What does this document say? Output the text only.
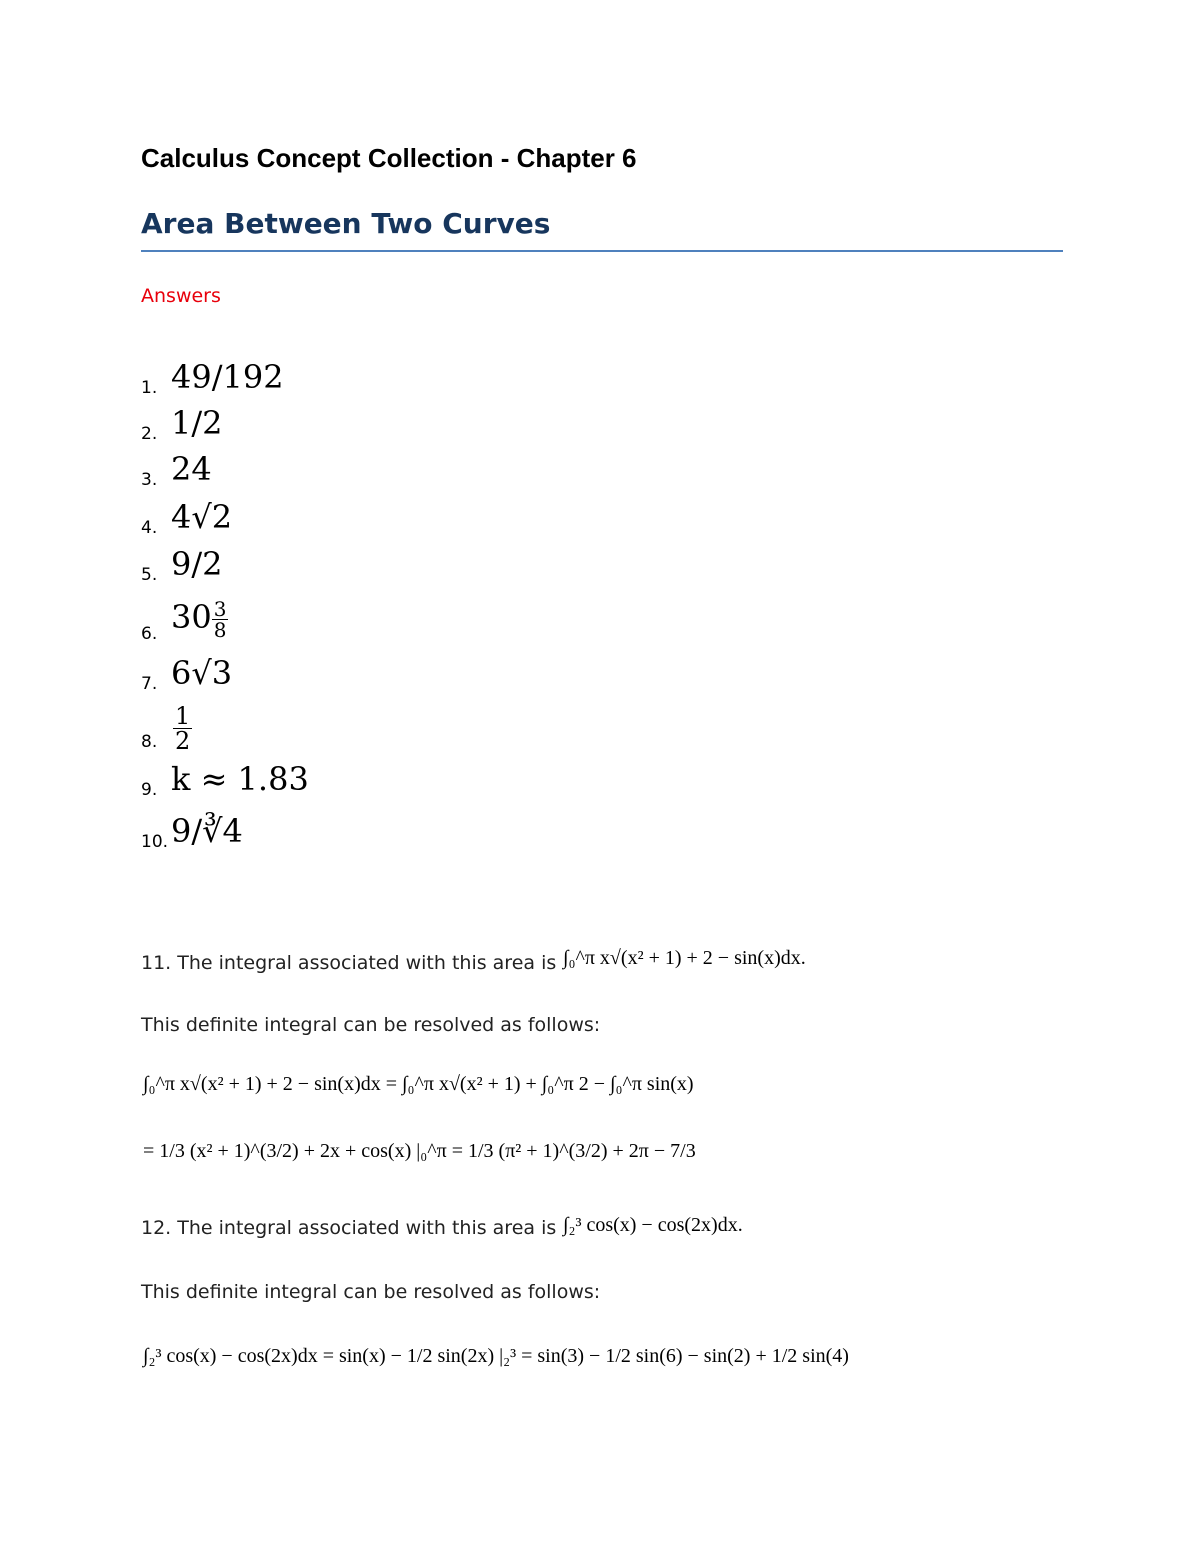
Calculus Concept Collection - Chapter 6
Area Between Two Curves
Answers
1. 49/192
2. 1/2
3. 24
4. 4√2
5. 9/2
6. $30 \frac{3}{8}$
7. 6√3
8. $\frac{1}{2}$
9. k ≈ 1.83
10. 9/∛4
11. The integral associated with this area is ∫₀^π x√(x² + 1) + 2 − sin(x)dx.
This definite integral can be resolved as follows:
∫₀^π x√(x² + 1) + 2 − sin(x)dx = ∫₀^π x√(x² + 1) + ∫₀^π 2 − ∫₀^π sin(x)
= 1/3 (x² + 1)^(3/2) + 2x + cos(x) |₀^π = 1/3 (π² + 1)^(3/2) + 2π − 7/3
12. The integral associated with this area is ∫₂³ cos(x) − cos(2x)dx.
This definite integral can be resolved as follows:
∫₂³ cos(x) − cos(2x)dx = sin(x) − 1/2 sin(2x) |₂³ = sin(3) − 1/2 sin(6) − sin(2) + 1/2 sin(4)
